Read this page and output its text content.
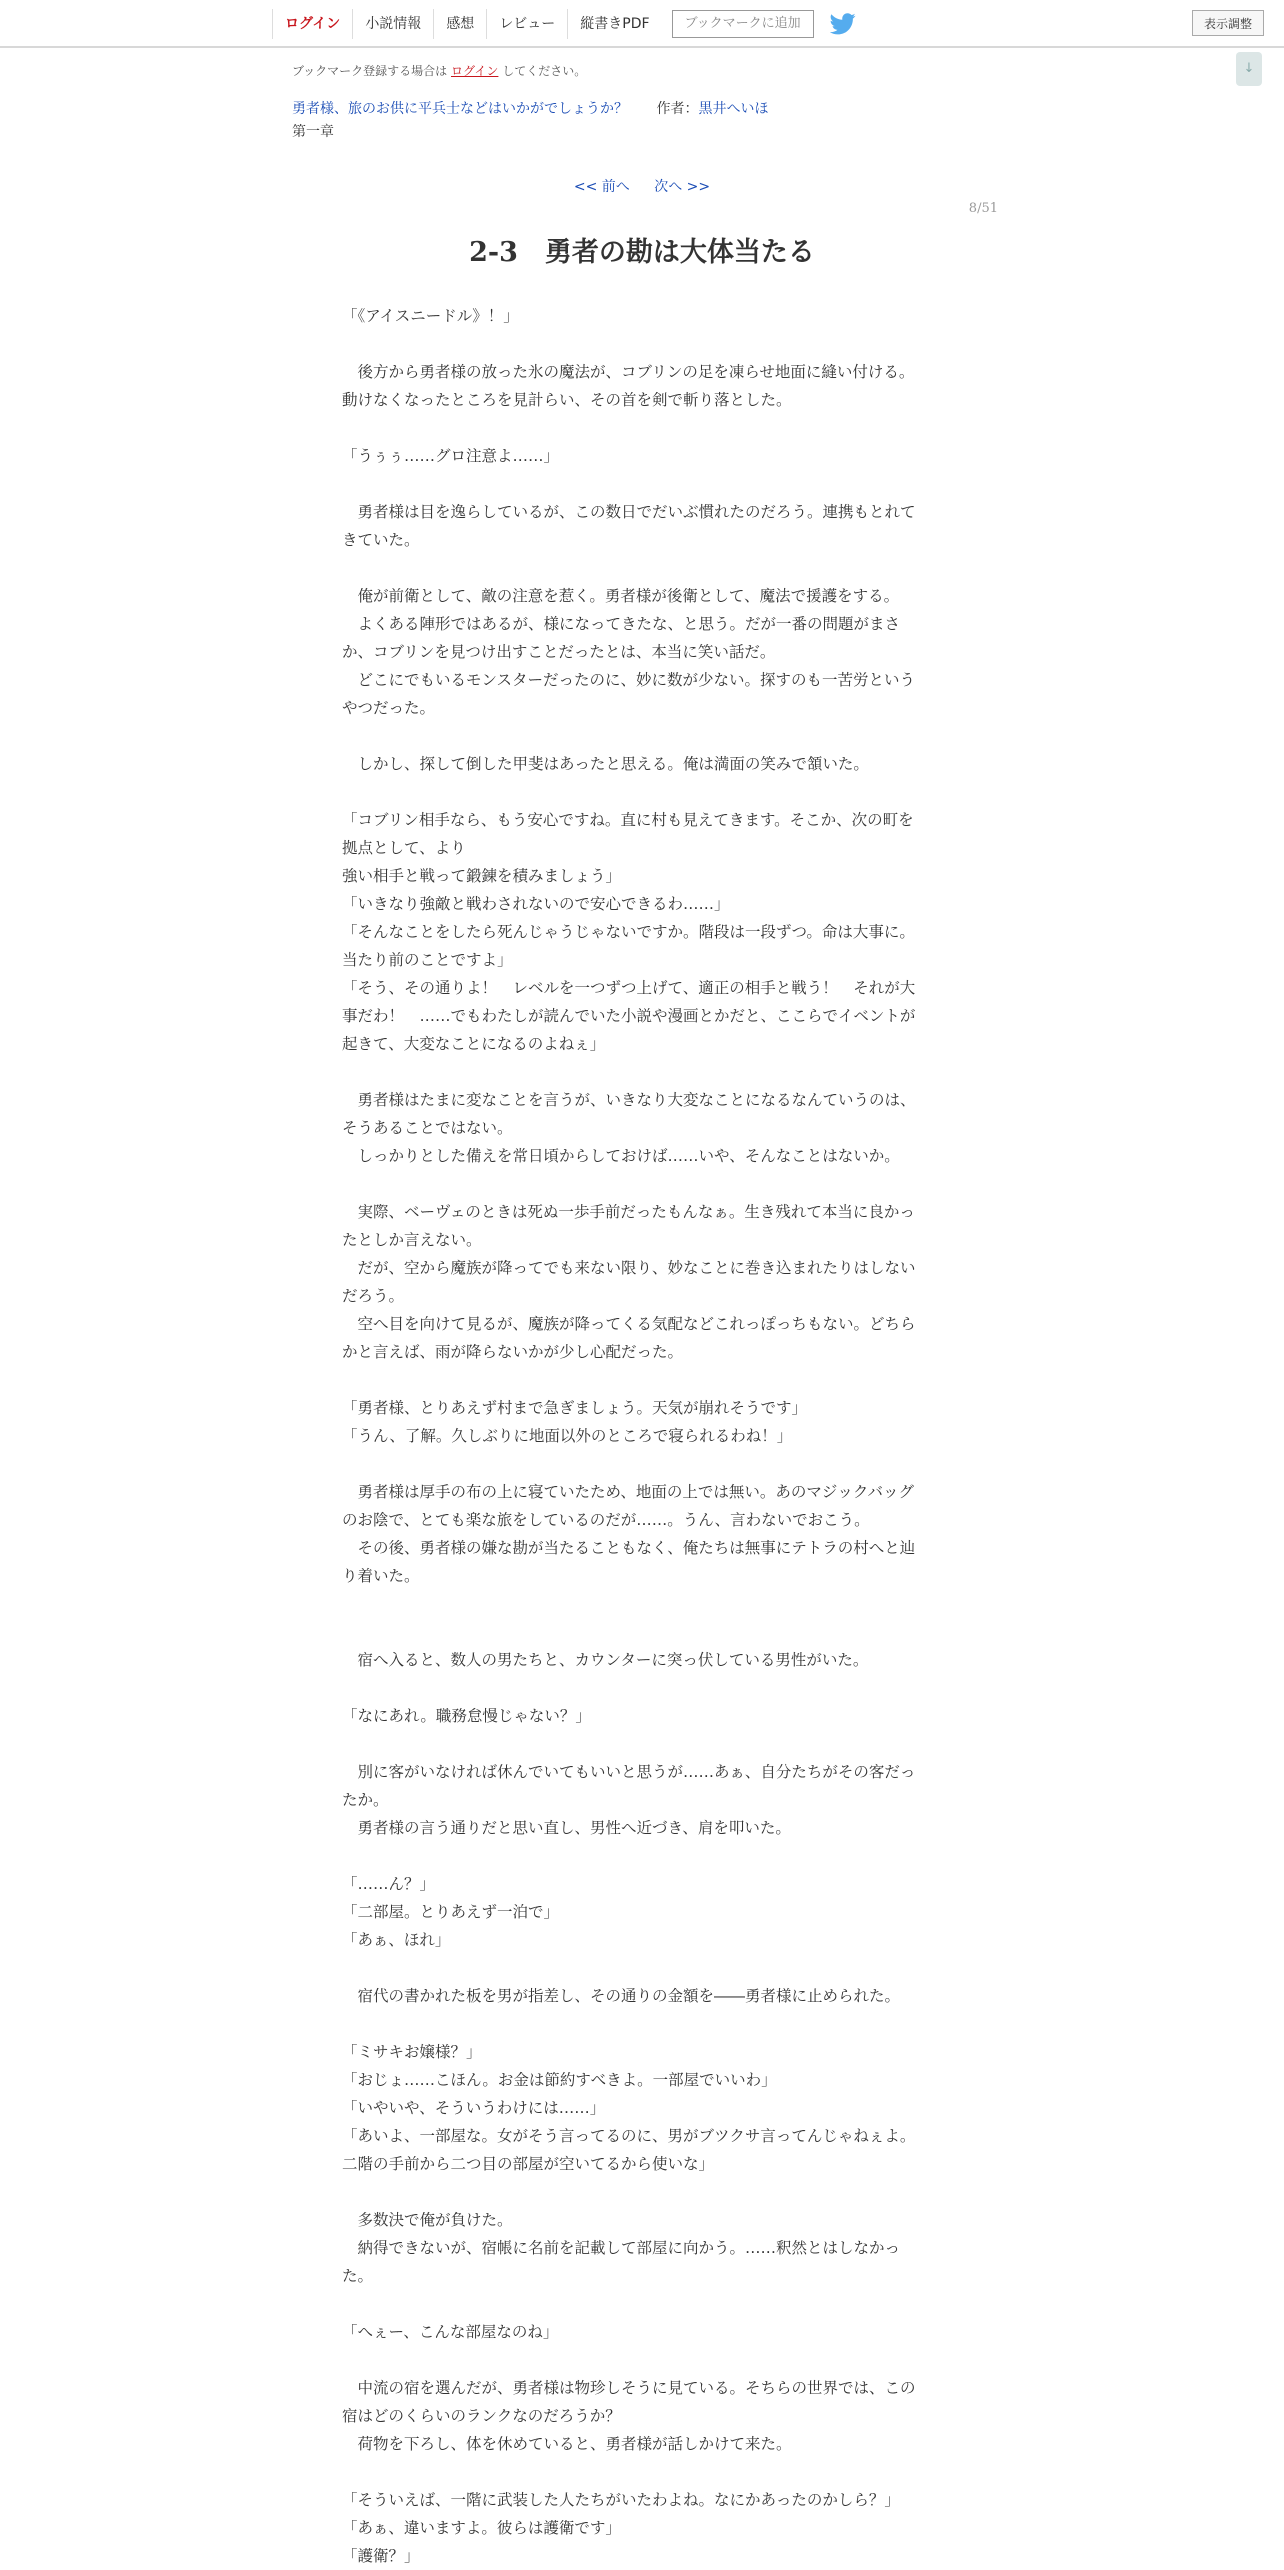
ログイン	小説情報	感想	レビュー	縦書きPDF	ブックマークに追加	表示調整
↓
ブックマーク登録する場合は ログイン してください。
勇者様、旅のお供に平兵士などはいかがでしょうか？ 作者：黒井へいほ
第一章
<< 前へ 次へ >>
8/51
2-3　勇者の勘は大体当たる

「《アイスニードル》！」

　後方から勇者様の放った氷の魔法が、コブリンの足を凍らせ地面に縫い付ける。

動けなくなったところを見計らい、その首を剣で斬り落とした。

「うぅぅ……グロ注意よ……」

　勇者様は目を逸らしているが、この数日でだいぶ慣れたのだろう。連携もとれて

きていた。

　俺が前衛として、敵の注意を惹く。勇者様が後衛として、魔法で援護をする。

　よくある陣形ではあるが、様になってきたな、と思う。だが一番の問題がまさ

か、コブリンを見つけ出すことだったとは、本当に笑い話だ。

　どこにでもいるモンスターだったのに、妙に数が少ない。探すのも一苦労という

やつだった。

　しかし、探して倒した甲斐はあったと思える。俺は満面の笑みで頷いた。

「コブリン相手なら、もう安心ですね。直に村も見えてきます。そこか、次の町を

拠点として、より

強い相手と戦って鍛錬を積みましょう」

「いきなり強敵と戦わされないので安心できるわ……」

「そんなことをしたら死んじゃうじゃないですか。階段は一段ずつ。命は大事に。

当たり前のことですよ」

「そう、その通りよ！　レベルを一つずつ上げて、適正の相手と戦う！　それが大

事だわ！　……でもわたしが読んでいた小説や漫画とかだと、ここらでイベントが

起きて、大変なことになるのよねぇ」

　勇者様はたまに変なことを言うが、いきなり大変なことになるなんていうのは、

そうあることではない。

　しっかりとした備えを常日頃からしておけば……いや、そんなことはないか。

　実際、ベーヴェのときは死ぬ一歩手前だったもんなぁ。生き残れて本当に良かっ

たとしか言えない。

　だが、空から魔族が降ってでも来ない限り、妙なことに巻き込まれたりはしない

だろう。

　空へ目を向けて見るが、魔族が降ってくる気配などこれっぽっちもない。どちら

かと言えば、雨が降らないかが少し心配だった。

「勇者様、とりあえず村まで急ぎましょう。天気が崩れそうです」

「うん、了解。久しぶりに地面以外のところで寝られるわね！」

　勇者様は厚手の布の上に寝ていたため、地面の上では無い。あのマジックバッグ

のお陰で、とても楽な旅をしているのだが……。うん、言わないでおこう。

　その後、勇者様の嫌な勘が当たることもなく、俺たちは無事にテトラの村へと辿

り着いた。

　宿へ入ると、数人の男たちと、カウンターに突っ伏している男性がいた。

「なにあれ。職務怠慢じゃない？」

　別に客がいなければ休んでいてもいいと思うが……あぁ、自分たちがその客だっ

たか。

　勇者様の言う通りだと思い直し、男性へ近づき、肩を叩いた。

「……ん？」

「二部屋。とりあえず一泊で」

「あぁ、ほれ」

　宿代の書かれた板を男が指差し、その通りの金額を――勇者様に止められた。

「ミサキお嬢様？」

「おじょ……こほん。お金は節約すべきよ。一部屋でいいわ」

「いやいや、そういうわけには……」

「あいよ、一部屋な。女がそう言ってるのに、男がブツクサ言ってんじゃねぇよ。

二階の手前から二つ目の部屋が空いてるから使いな」

　多数決で俺が負けた。

　納得できないが、宿帳に名前を記載して部屋に向かう。……釈然とはしなかっ

た。

「へぇー、こんな部屋なのね」

　中流の宿を選んだが、勇者様は物珍しそうに見ている。そちらの世界では、この

宿はどのくらいのランクなのだろうか？

　荷物を下ろし、体を休めていると、勇者様が話しかけて来た。

「そういえば、一階に武装した人たちがいたわよね。なにかあったのかしら？」

「あぁ、違いますよ。彼らは護衛です」

「護衛？」
